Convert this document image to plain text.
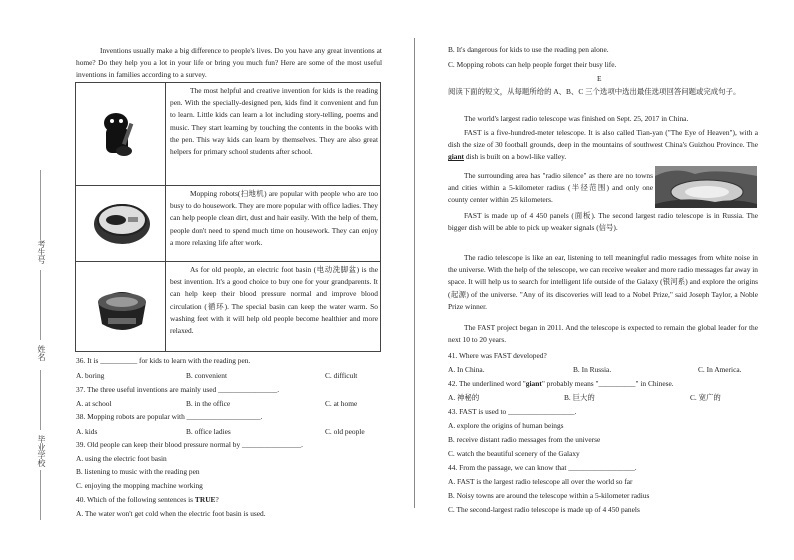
考生号
姓名
毕业学校
Inventions usually make a big difference to people's lives. Do you have any great inventions at home? Do they help you a lot in your life or bring you much fun? Here are some of the most useful inventions in families according to a survey.
The most helpful and creative invention for kids is the reading pen. With the specially-designed pen, kids find it convenient and fun to learn. Little kids can learn a lot including story-telling, poems and music. They start learning by touching the contents in the books with the pen. This way kids can learn by themselves. They are also great helpers for primary school students after school.
Mopping robots(扫地机) are popular with people who are too busy to do housework. They are more popular with office ladies. They can help people clean dirt, dust and hair easily. With the help of them, people don't need to spend much time on housework. They can enjoy a more relaxing life after work.
As for old people, an electric foot basin (电动洗脚盆) is the best invention. It's a good choice to buy one for your grandparents. It can help keep their blood pressure normal and improve blood circulation (循环). The special basin can keep the water warm. So washing feet with it will help old people become healthier and more relaxed.
36. It is __________ for kids to learn with the reading pen.
A. boring	B. convenient	C. difficult
37. The three useful inventions are mainly used ________________.
A. at school	B. in the office	C. at home
38. Mopping robots are popular with ____________________.
A. kids	B. office ladies	C. old people
39. Old people can keep their blood pressure normal by ________________.
A. using the electric foot basin
B. listening to music with the reading pen
C. enjoying the mopping machine working
40. Which of the following sentences is TRUE?
A. The water won't get cold when the electric foot basin is used.
B. It's dangerous for kids to use the reading pen alone.
C. Mopping robots can help people forget their busy life.
E
阅读下面的短文，从每题所给的 A、B、C 三个选项中选出最佳选项回答问题或完成句子。
The world's largest radio telescope was finished on Sept. 25, 2017 in China.
FAST is a five-hundred-meter telescope. It is also called Tian-yan ("The Eye of Heaven"), with a dish the size of 30 football grounds, deep in the mountains of southwest China's Guizhou Province. The giant dish is built on a bowl-like valley.
The surrounding area has "radio silence" as there are no towns and cities within a 5-kilometer radius (半径范围) and only one county center within 25 kilometers.
FAST is made up of 4 450 panels (面板). The second largest radio telescope is in Russia. The bigger dish will be able to pick up weaker signals (信号).
The radio telescope is like an ear, listening to tell meaningful radio messages from white noise in the universe. With the help of the telescope, we can receive weaker and more radio messages far away in space. It will help us to search for intelligent life outside of the Galaxy (银河系) and explore the origins (起源) of the universe. "Any of its discoveries will lead to a Nobel Prize," said Joseph Taylor, a Noble Prize winner.
The FAST project began in 2011. And the telescope is expected to remain the global leader for the next 10 to 20 years.
41. Where was FAST developed?
A. In China.	B. In Russia.	C. In America.
42. The underlined word "giant" probably means "__________" in Chinese.
A. 神秘的	B. 巨大的	C. 宽广的
43. FAST is used to __________________.
A. explore the origins of human beings
B. receive distant radio messages from the universe
C. watch the beautiful scenery of the Galaxy
44. From the passage, we can know that __________________.
A. FAST is the largest radio telescope all over the world so far
B. Noisy towns are around the telescope within a 5-kilometer radius
C. The second-largest radio telescope is made up of 4 450 panels
